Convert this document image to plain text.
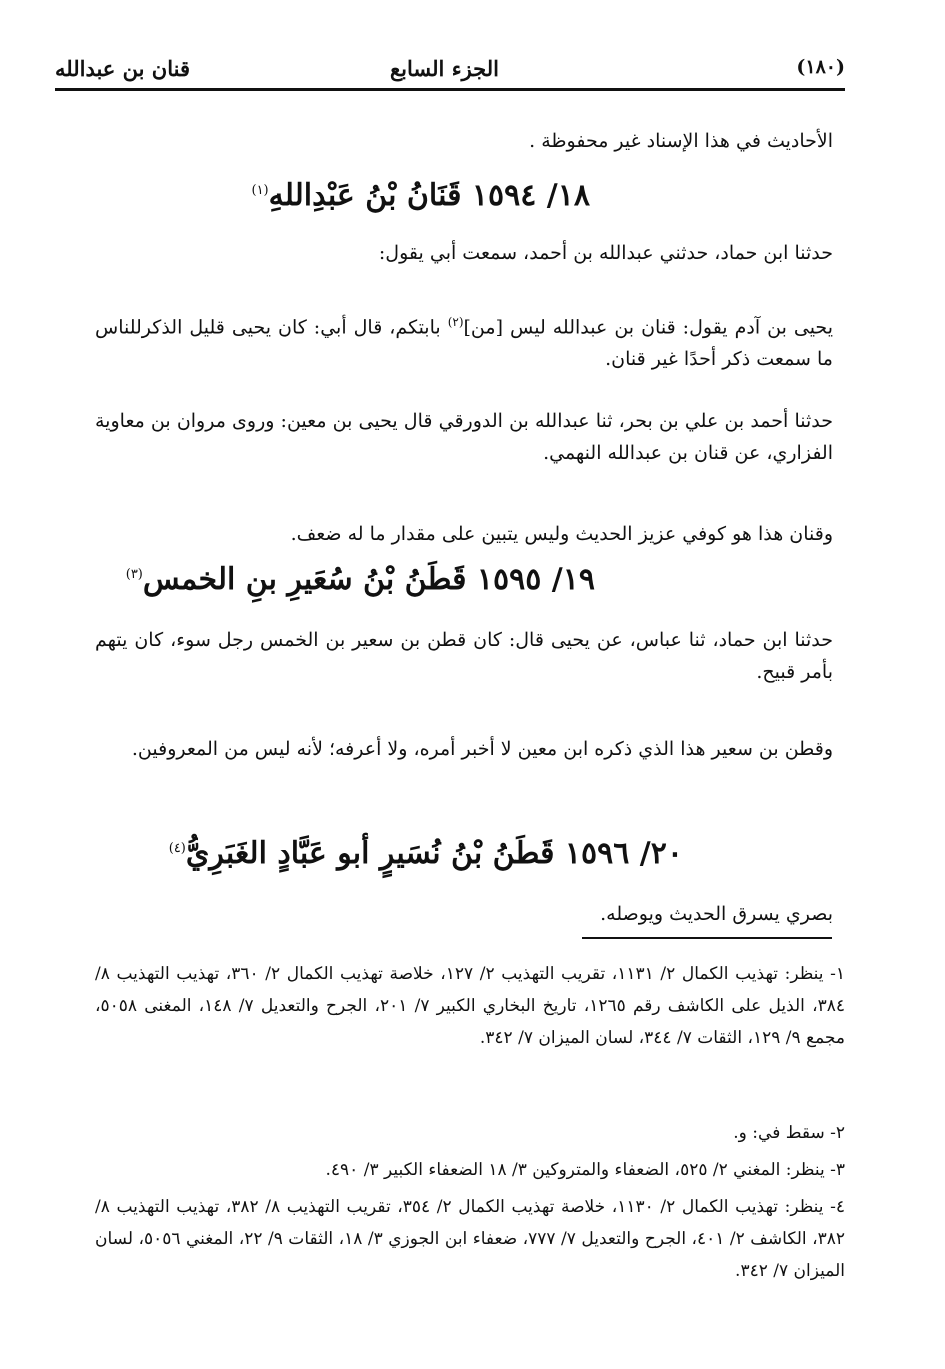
قنان بن عبدالله	الجزء السابع	(١٨٠)
الأحاديث في هذا الإسناد غير محفوظة .
١٨/ ١٥٩٤ قَنَانُ بْنُ عَبْدِاللهِ$^{(١)}$
حدثنا ابن حماد، حدثني عبدالله بن أحمد، سمعت أبي يقول:
يحيى بن آدم يقول: قنان بن عبدالله ليس [من]$^{(٢)}$ بابتكم، قال أبي: كان يحيى قليل الذكرللناس ما سمعت ذكر أحدًا غير قنان.
حدثنا أحمد بن علي بن بحر، ثنا عبدالله بن الدورقي قال يحيى بن معين: وروى مروان بن معاوية الفزاري، عن قنان بن عبدالله النهمي.
وقنان هذا هو كوفي عزيز الحديث وليس يتبين على مقدار ما له ضعف.
١٩/ ١٥٩٥ قَطَنُ بْنُ سُعَيرِ بنِ الخمس$^{(٣)}$
حدثنا ابن حماد، ثنا عباس، عن يحيى قال: كان قطن بن سعير بن الخمس رجل سوء، كان يتهم بأمر قبيح.
وقطن بن سعير هذا الذي ذكره ابن معين لا أخبر أمره، ولا أعرفه؛ لأنه ليس من المعروفين.
٢٠/ ١٥٩٦ قَطَنُ بْنُ نُسَيرٍ أبو عَبَّادٍ الغَبَرِيُّ$^{(٤)}$
بصري يسرق الحديث ويوصله.
١- ينظر: تهذيب الكمال ٢/ ١١٣١، تقريب التهذيب ٢/ ١٢٧، خلاصة تهذيب الكمال ٢/ ٣٦٠، تهذيب التهذيب ٨/ ٣٨٤، الذيل على الكاشف رقم ١٢٦٥، تاريخ البخاري الكبير ٧/ ٢٠١، الجرح والتعديل ٧/ ١٤٨، المغنى ٥٠٥٨، مجمع ٩/ ١٢٩، الثقات ٧/ ٣٤٤، لسان الميزان ٧/ ٣٤٢.
٢- سقط في: و.
٣- ينظر: المغني ٢/ ٥٢٥، الضعفاء والمتروكين ٣/ ١٨ الضعفاء الكبير ٣/ ٤٩٠.
٤- ينظر: تهذيب الكمال ٢/ ١١٣٠، خلاصة تهذيب الكمال ٢/ ٣٥٤، تقريب التهذيب ٨/ ٣٨٢، تهذيب التهذيب ٨/ ٣٨٢، الكاشف ٢/ ٤٠١، الجرح والتعديل ٧/ ٧٧٧، ضعفاء ابن الجوزي ٣/ ١٨، الثقات ٩/ ٢٢، المغني ٥٠٥٦، لسان الميزان ٧/ ٣٤٢.
